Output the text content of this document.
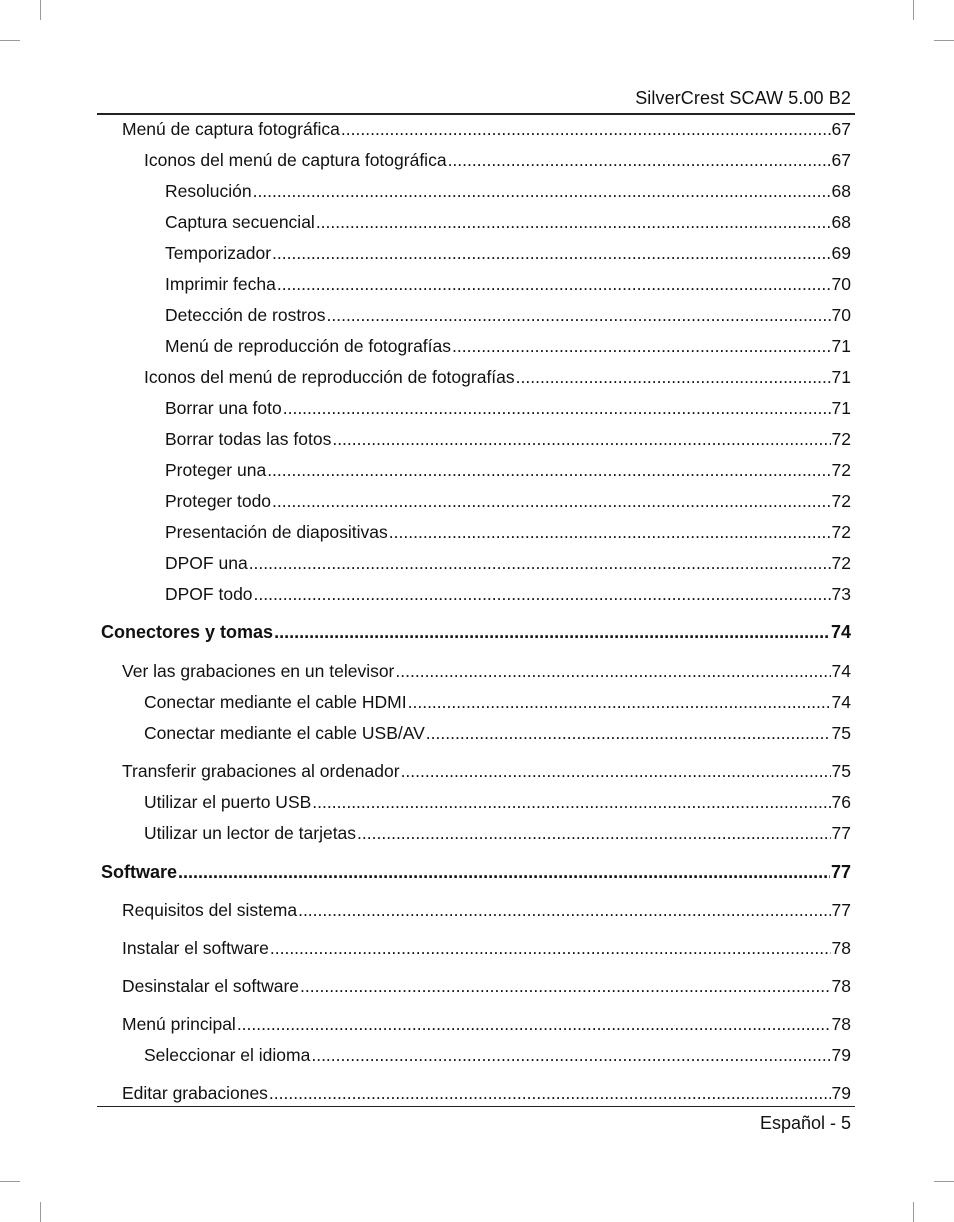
SilverCrest SCAW 5.00 B2
Menú de captura fotográfica .....	67
Iconos del menú de captura fotográfica .....	67
Resolución .....	68
Captura secuencial .....	68
Temporizador .....	69
Imprimir fecha .....	70
Detección de rostros .....	70
Menú de reproducción de fotografías .....	71
Iconos del menú de reproducción de fotografías .....	71
Borrar una foto .....	71
Borrar todas las fotos .....	72
Proteger una .....	72
Proteger todo .....	72
Presentación de diapositivas .....	72
DPOF una .....	72
DPOF todo .....	73
Conectores y tomas .....	74
Ver las grabaciones en un televisor .....	74
Conectar mediante el cable HDMI .....	74
Conectar mediante el cable USB/AV .....	75
Transferir grabaciones al ordenador .....	75
Utilizar el puerto USB .....	76
Utilizar un lector de tarjetas .....	77
Software .....	77
Requisitos del sistema .....	77
Instalar el software .....	78
Desinstalar el software .....	78
Menú principal .....	78
Seleccionar el idioma .....	79
Editar grabaciones .....	79
Español - 5
